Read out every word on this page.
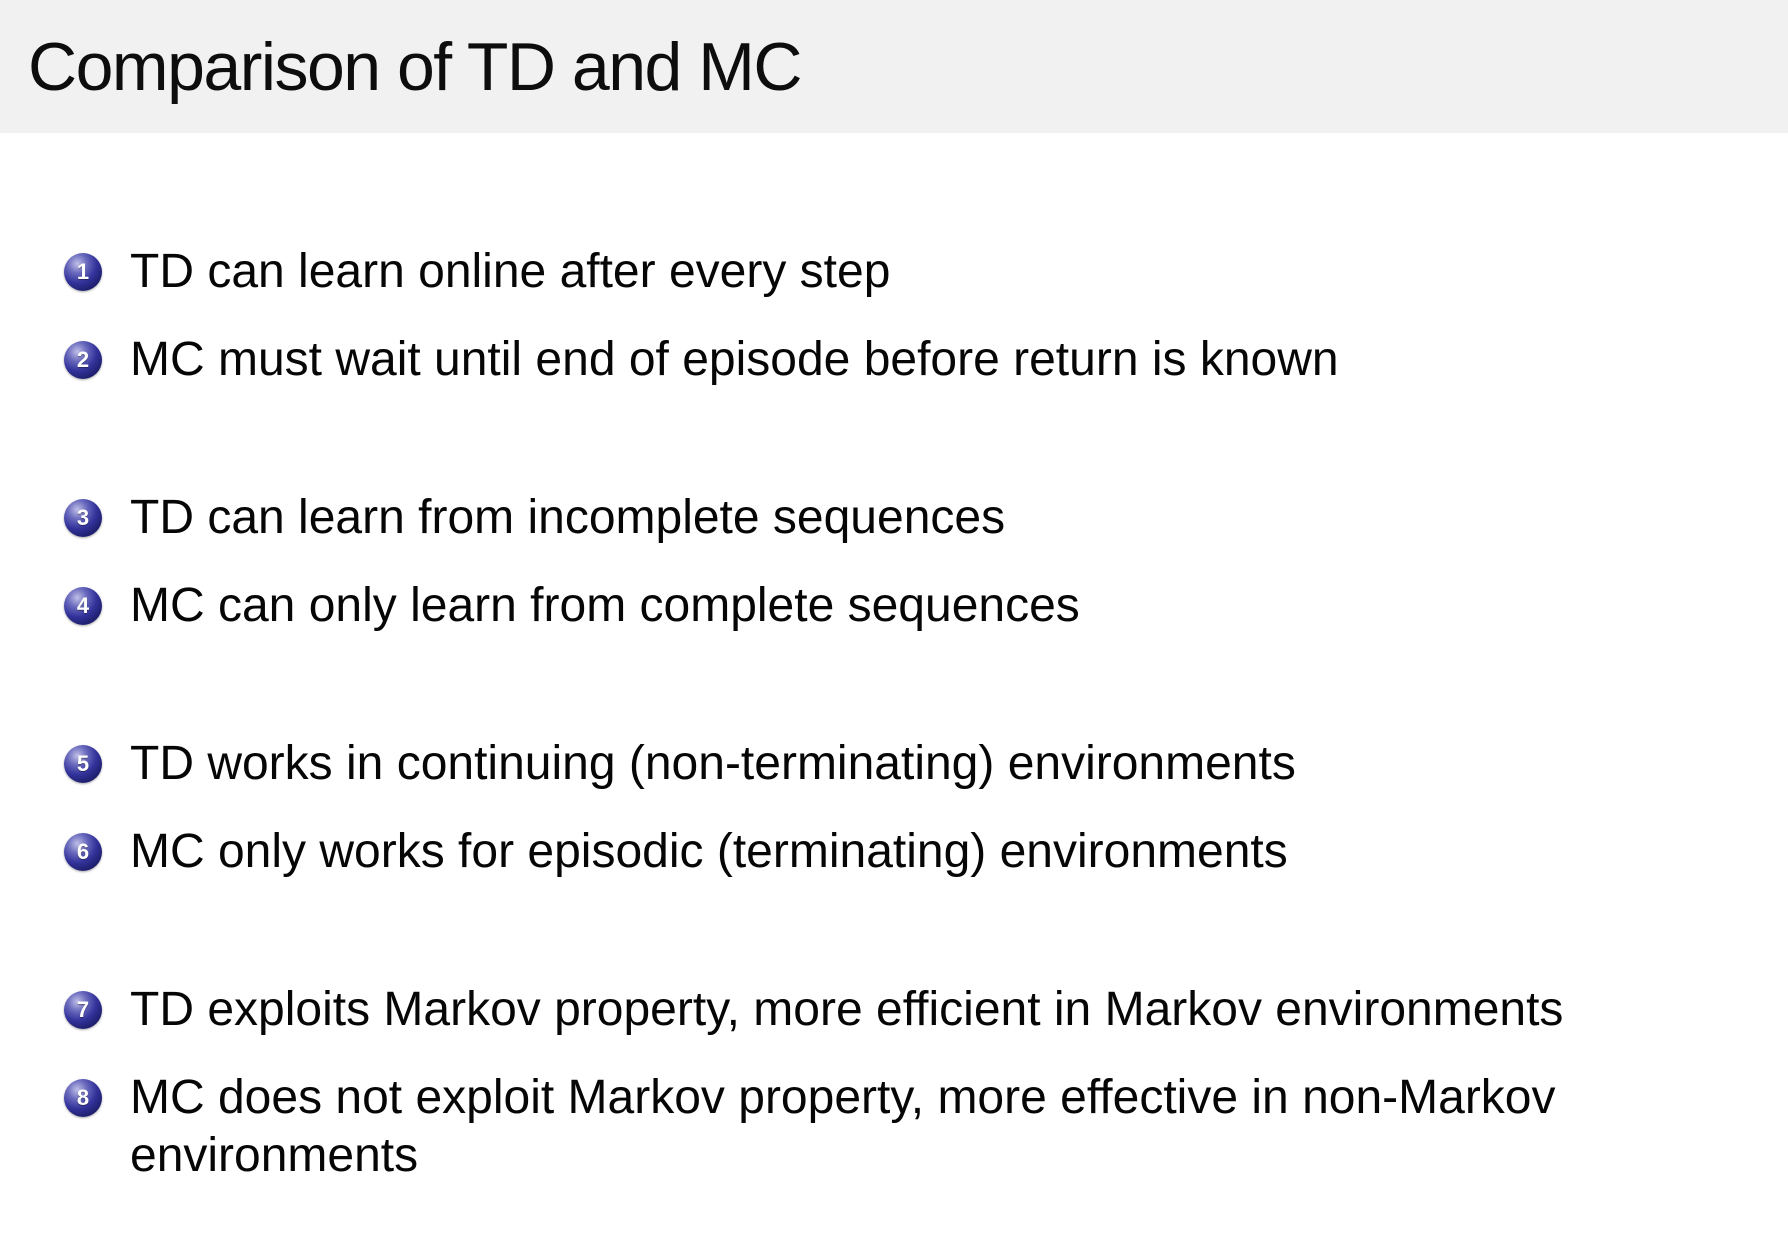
Comparison of TD and MC
1 TD can learn online after every step
2 MC must wait until end of episode before return is known
3 TD can learn from incomplete sequences
4 MC can only learn from complete sequences
5 TD works in continuing (non-terminating) environments
6 MC only works for episodic (terminating) environments
7 TD exploits Markov property, more efficient in Markov environments
8 MC does not exploit Markov property, more effective in non-Markov environments
